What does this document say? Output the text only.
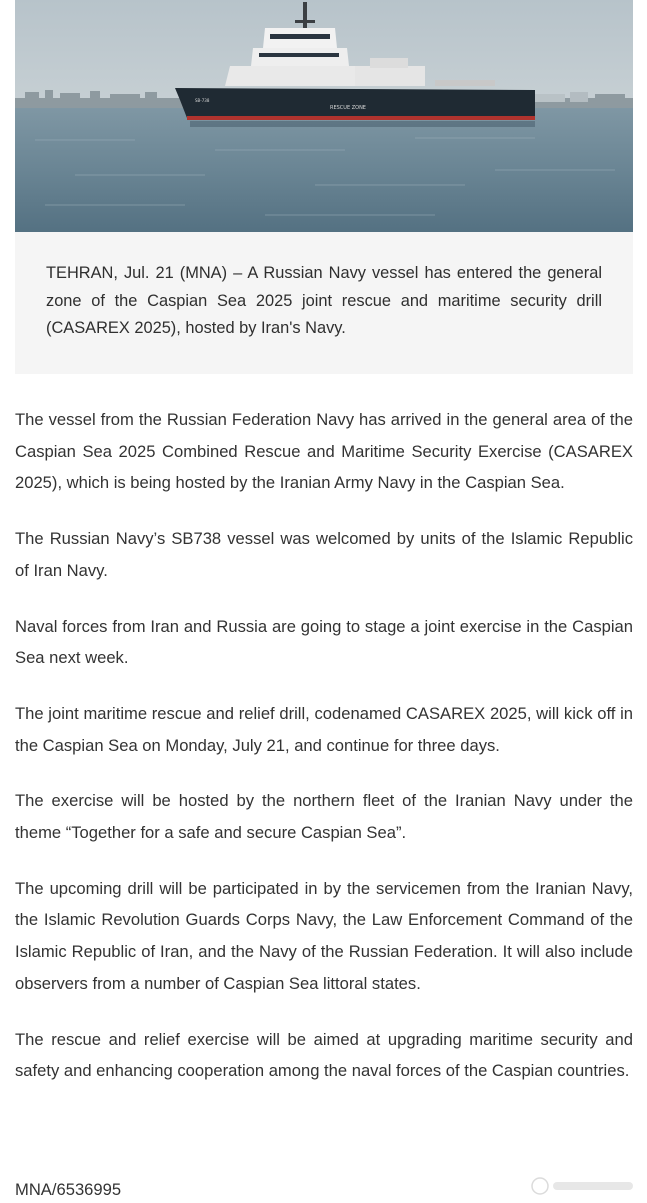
RESCUE ZONE
SB-738

TEHRAN, Jul. 21 (MNA) – A Russian Navy vessel has entered the general zone of the Caspian Sea 2025 joint rescue and maritime security drill (CASAREX 2025), hosted by Iran's Navy.

The vessel from the Russian Federation Navy has arrived in the general area of the Caspian Sea 2025 Combined Rescue and Maritime Security Exercise (CASAREX 2025), which is being hosted by the Iranian Army Navy in the Caspian Sea.

The Russian Navy’s SB738 vessel was welcomed by units of the Islamic Republic of Iran Navy.

Naval forces from Iran and Russia are going to stage a joint exercise in the Caspian Sea next week.

The joint maritime rescue and relief drill, codenamed CASAREX 2025, will kick off in the Caspian Sea on Monday, July 21, and continue for three days.

The exercise will be hosted by the northern fleet of the Iranian Navy under the theme “Together for a safe and secure Caspian Sea”.

The upcoming drill will be participated in by the servicemen from the Iranian Navy, the Islamic Revolution Guards Corps Navy, the Law Enforcement Command of the Islamic Republic of Iran, and the Navy of the Russian Federation. It will also include observers from a number of Caspian Sea littoral states.

The rescue and relief exercise will be aimed at upgrading maritime security and safety and enhancing cooperation among the naval forces of the Caspian countries.

MNA/6536995
